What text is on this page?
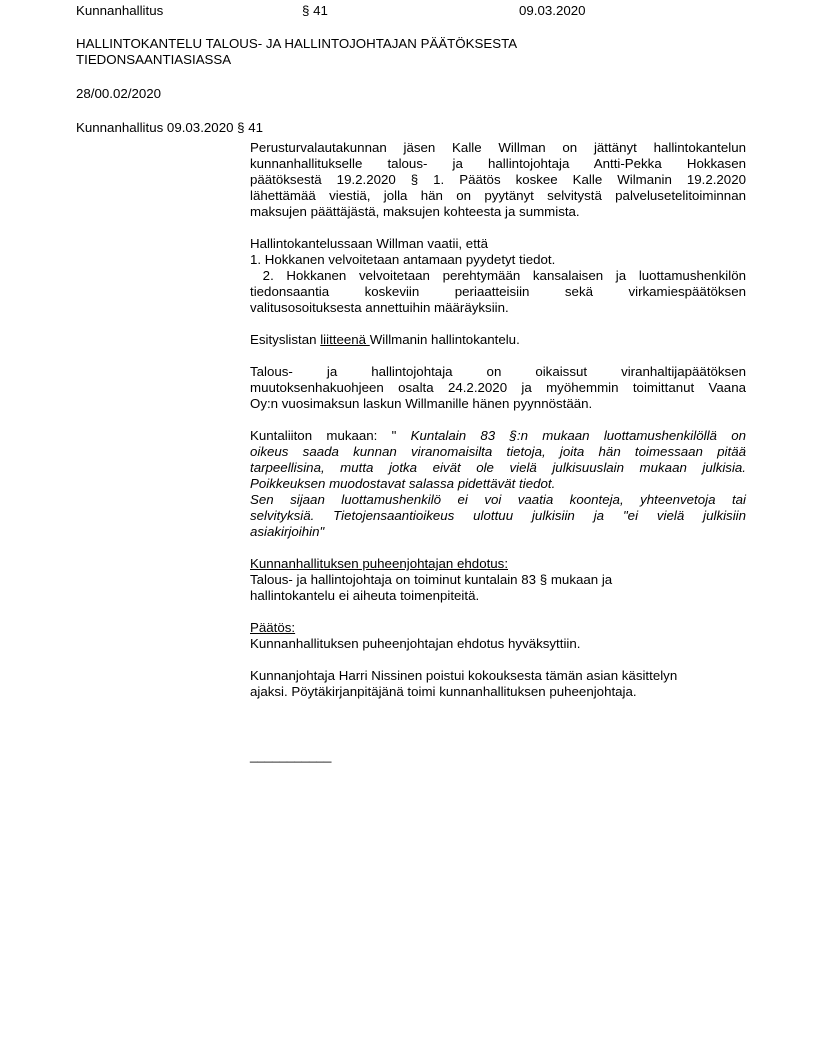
Kunnanhallitus	§ 41	09.03.2020
HALLINTOKANTELU TALOUS- JA HALLINTOJOHTAJAN PÄÄTÖKSESTA
TIEDONSAANTIASIASSA
28/00.02/2020
Kunnanhallitus 09.03.2020 § 41
Perusturvalautakunnan jäsen Kalle Willman on jättänyt hallintokantelun
kunnanhallitukselle talous- ja hallintojohtaja Antti-Pekka Hokkasen
päätöksestä 19.2.2020 § 1. Päätös koskee Kalle Wilmanin 19.2.2020
lähettämää viestiä, jolla hän on pyytänyt selvitystä palvelusetelitoiminnan
maksujen päättäjästä, maksujen kohteesta ja summista.
Hallintokantelussaan Willman vaatii, että
1. Hokkanen velvoitetaan antamaan pyydetyt tiedot.
2. Hokkanen velvoitetaan perehtymään kansalaisen ja luottamushenkilön
tiedonsaantia koskeviin periaatteisiin sekä virkamiespäätöksen
valitusosoituksesta annettuihin määräyksiin.
Esityslistan liitteenä Willmanin hallintokantelu.
Talous- ja hallintojohtaja on oikaissut viranhaltijapäätöksen
muutoksenhakuohjeen osalta 24.2.2020 ja myöhemmin toimittanut Vaana
Oy:n vuosimaksun laskun Willmanille hänen pyynnöstään.
Kuntaliiton mukaan: " Kuntalain 83 §:n mukaan luottamushenkilöllä on
oikeus saada kunnan viranomaisilta tietoja, joita hän toimessaan pitää
tarpeellisina, mutta jotka eivät ole vielä julkisuuslain mukaan julkisia.
Poikkeuksen muodostavat salassa pidettävät tiedot.
Sen sijaan luottamushenkilö ei voi vaatia koonteja, yhteenvetoja tai
selvityksiä. Tietojensaantioikeus ulottuu julkisiin ja "ei vielä julkisiin
asiakirjoihin"
Kunnanhallituksen puheenjohtajan ehdotus:
Talous- ja hallintojohtaja on toiminut kuntalain 83 § mukaan ja
hallintokantelu ei aiheuta toimenpiteitä.
Päätös:
Kunnanhallituksen puheenjohtajan ehdotus hyväksyttiin.
Kunnanjohtaja Harri Nissinen poistui kokouksesta tämän asian käsittelyn
ajaksi. Pöytäkirjanpitäjänä toimi kunnanhallituksen puheenjohtaja.
___________
